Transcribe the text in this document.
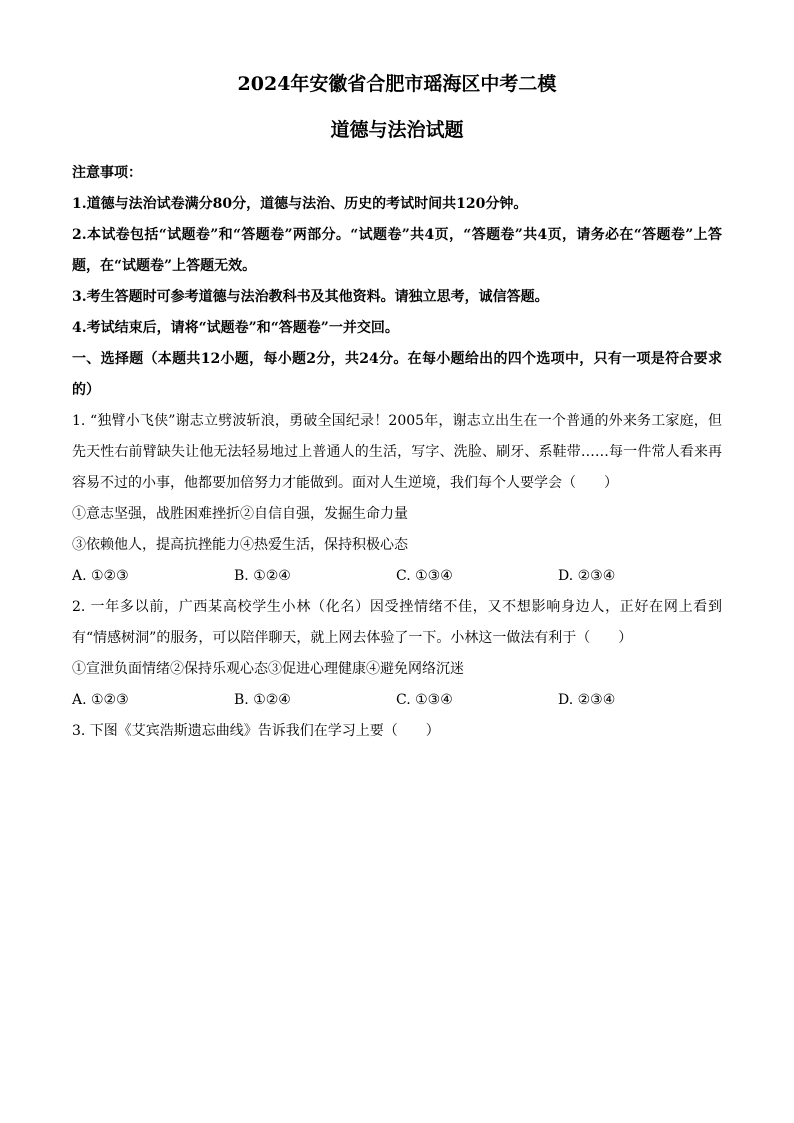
2024年安徽省合肥市瑶海区中考二模

道德与法治试题

注意事项：

1.道德与法治试卷满分80分，道德与法治、历史的考试时间共120分钟。

2.本试卷包括“试题卷”和“答题卷”两部分。“试题卷”共4页，“答题卷”共4页，请务必在“答题卷”上答题，在“试题卷”上答题无效。

3.考生答题时可参考道德与法治教科书及其他资料。请独立思考，诚信答题。

4.考试结束后，请将“试题卷”和“答题卷”一并交回。

一、选择题（本题共12小题，每小题2分，共24分。在每小题给出的四个选项中，只有一项是符合要求的）

1. “独臂小飞侠”谢志立劈波斩浪，勇破全国纪录！2005年，谢志立出生在一个普通的外来务工家庭，但先天性右前臂缺失让他无法轻易地过上普通人的生活，写字、洗脸、刷牙、系鞋带……每一件常人看来再容易不过的小事，他都要加倍努力才能做到。面对人生逆境，我们每个人要学会（　　）

①意志坚强，战胜困难挫折②自信自强，发掘生命力量

③依赖他人，提高抗挫能力④热爱生活，保持积极心态

A. ①②③	B. ①②④	C. ①③④	D. ②③④

2. 一年多以前，广西某高校学生小林（化名）因受挫情绪不佳，又不想影响身边人，正好在网上看到有“情感树洞”的服务，可以陪伴聊天，就上网去体验了一下。小林这一做法有利于（　　）

①宣泄负面情绪②保持乐观心态③促进心理健康④避免网络沉迷

A. ①②③	B. ①②④	C. ①③④	D. ②③④

3. 下图《艾宾浩斯遗忘曲线》告诉我们在学习上要（　　）
